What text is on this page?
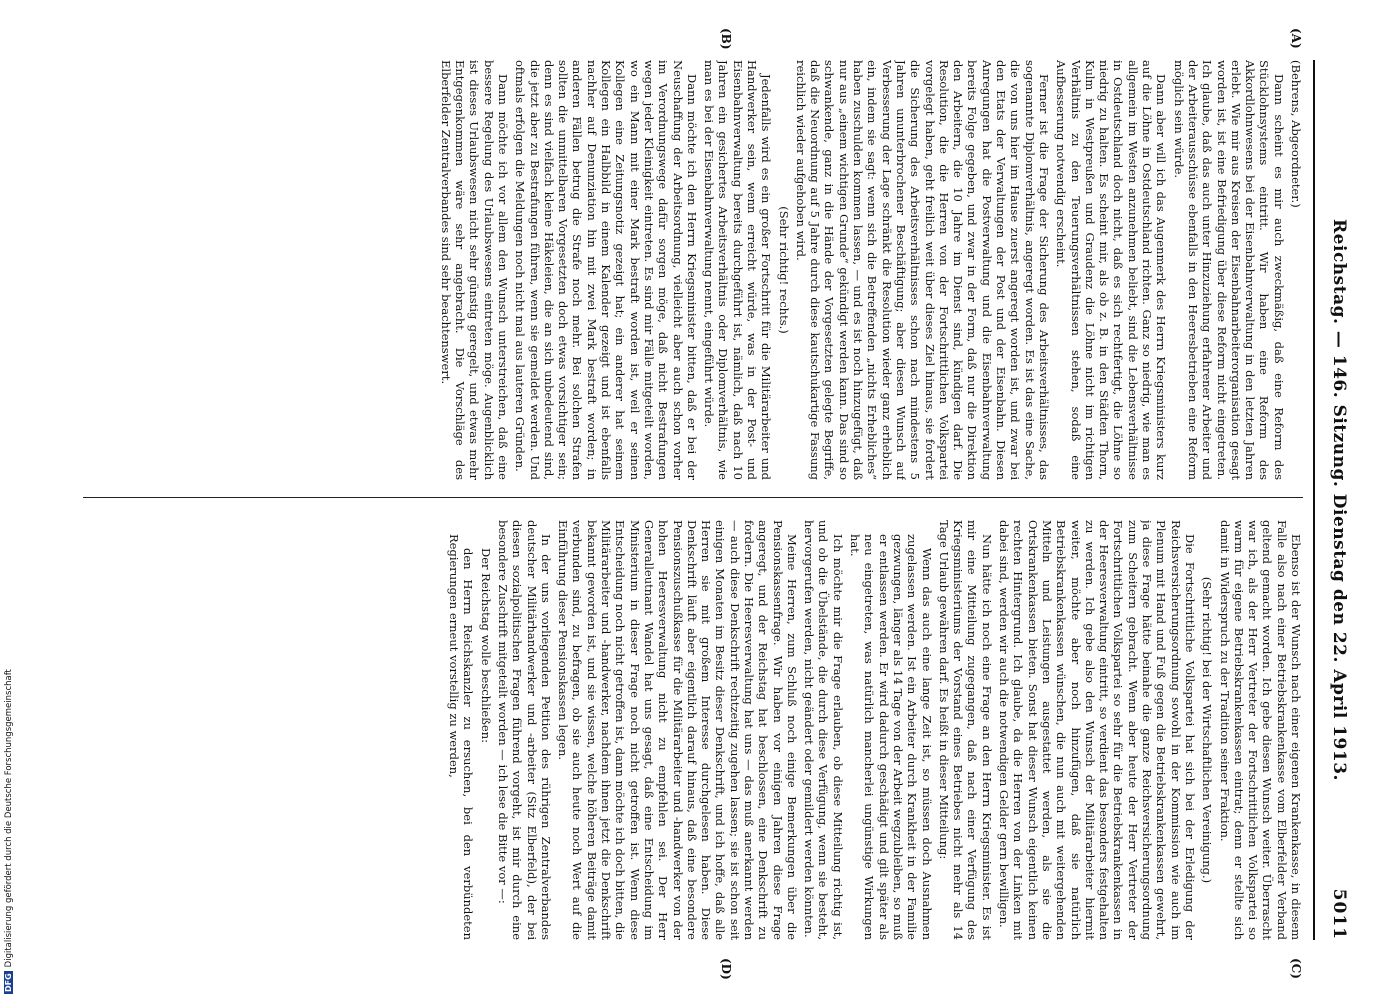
Reichstag. — 146. Sitzung. Dienstag den 22. April 1913.
5011
(A)
(B)
(C)
(D)

(Behrens, Abgeordneter.)

Dann scheint es mir auch zweckmäßig, daß eine Reform des Stücklohnsystems eintritt. Wir haben eine Reform des Akkordlohnwesens bei der Eisenbahnverwaltung in den letzten Jahren erlebt. Wie mir aus Kreisen der Eisenbahnarbeiterorganisation gesagt worden ist, ist eine Befriedigung über diese Reform nicht eingetreten. Ich glaube, daß das auch unter Hinzuziehung erfahrener Arbeiter und der Arbeiterausschüsse ebenfalls in den Heeresbetrieben eine Reform möglich sein würde.

Dann aber will ich das Augenmerk des Herrn Kriegsministers kurz auf die Löhne in Ostdeutschland richten. Ganz so niedrig, wie man es allgemein im Westen anzunehmen beliebt, sind die Lebensverhältnisse in Ostdeutschland doch nicht, daß es sich rechtfertigt, die Löhne so niedrig zu halten. Es scheint mir, als ob z. B. in den Städten Thorn, Kulm in Westpreußen und Graudenz die Löhne nicht im richtigen Verhältnis zu den Teuerungsverhältnissen stehen, sodaß eine Aufbesserung notwendig erscheint.

Ferner ist die Frage der Sicherung des Arbeitsverhältnisses, das sogenannte Diplomverhältnis, angeregt worden. Es ist das eine Sache, die von uns hier im Hause zuerst angeregt worden ist, und zwar bei den Etats der Verwaltungen der Post und der Eisenbahn. Diesen Anregungen hat die Postverwaltung und die Eisenbahnverwaltung bereits Folge gegeben, und zwar in der Form, daß nur die Direktion den Arbeitern, die 10 Jahre im Dienst sind, kündigen darf. Die Resolution, die die Herren von der Fortschrittlichen Volkspartei vorgelegt haben, geht freilich weit über dieses Ziel hinaus, sie fordert die Sicherung des Arbeitsverhältnisses schon nach mindestens 5 Jahren ununterbrochener Beschäftigung; aber diesen Wunsch auf Verbesserung der Lage schränkt die Resolution wieder ganz erheblich ein, indem sie sagt: wenn sich die Betreffenden „nichts Erhebliches“ haben zuschulden kommen lassen, — und es ist noch hinzugefügt, daß nur aus „einem wichtigen Grunde“ gekündigt werden kann. Das sind so schwankende, ganz in die Hände der Vorgesetzten gelegte Begriffe, daß die Neuordnung auf 5 Jahre durch diese kautschukartige Fassung reichlich wieder aufgehoben wird.

(Sehr richtig! rechts.)

Jedenfalls wird es ein großer Fortschritt für die Militärarbeiter und Handwerker sein, wenn erreicht würde, was in der Post- und Eisenbahnverwaltung bereits durchgeführt ist, nämlich, daß nach 10 Jahren ein gesichertes Arbeitsverhältnis oder Diplomverhältnis, wie man es bei der Eisenbahnverwaltung nennt, eingeführt würde.

Dann möchte ich den Herrn Kriegsminister bitten, daß er bei der Neuschaffung der Arbeitsordnung, vielleicht aber auch schon vorher im Verordnungswege dafür sorgen möge, daß nicht Bestrafungen wegen jeder Kleinigkeit eintreten. Es sind mir Fälle mitgeteilt worden, wo ein Mann mit einer Mark bestraft worden ist, weil er seinen Kollegen eine Zeitungsnotiz gezeigt hat; ein anderer hat seinem Kollegen ein Halbbild in einem Kalender gezeigt und ist ebenfalls nachher auf Denunziation hin mit zwei Mark bestraft worden; in anderen Fällen betrug die Strafe noch mehr. Bei solchen Strafen sollten die unmittelbaren Vorgesetzten doch etwas vorsichtiger sein; denn es sind vielfach kleine Häkeleien, die an sich unbedeutend sind, die jetzt aber zu Bestrafungen führen, wenn sie gemeldet werden. Und oftmals erfolgen die Meldungen noch nicht mal aus lauteren Gründen.

Dann möchte ich vor allem den Wunsch unterstreichen, daß eine bessere Regelung des Urlaubswesens eintreten möge. Augenblicklich ist dieses Urlaubswesen nicht sehr günstig geregelt, und etwas mehr Entgegenkommen wäre sehr angebracht. Die Vorschläge des Elberfelder Zentralverbandes sind sehr beachtenswert.

Ebenso ist der Wunsch nach einer eigenen Krankenkasse, in diesem Falle also nach einer Betriebskrankenkasse vom Elberfelder Verband geltend gemacht worden. Ich gebe diesen Wunsch weiter. Überrascht war ich, als der Herr Vertreter der Fortschrittlichen Volkspartei so warm für eigene Betriebskrankenkassen eintrat; denn er stellte sich damit in Widerspruch zu der Tradition seiner Fraktion.

(Sehr richtig! bei der Wirtschaftlichen Vereinigung.)

Die Fortschrittliche Volkspartei hat sich bei der Erledigung der Reichsversicherungsordnung sowohl in der Kommission wie auch im Plenum mit Hand und Fuß gegen die Betriebskrankenkassen gewehrt, ja diese Frage hätte beinahe die ganze Reichsversicherungsordnung zum Scheitern gebracht. Wenn aber heute der Herr Vertreter der Fortschrittlichen Volkspartei so sehr für die Betriebskrankenkassen in der Heeresverwaltung eintritt, so verdient das besonders festgehalten zu werden. Ich gebe also den Wunsch der Militärarbeiter hiermit weiter, möchte aber noch hinzufügen, daß sie natürlich Betriebskrankenkassen wünschen, die nun auch mit weitergehenden Mitteln und Leistungen ausgestattet werden, als sie die Ortskrankenkassen bieten. Sonst hat dieser Wunsch eigentlich keinen rechten Hintergrund. Ich glaube, da die Herren von der Linken mit dabei sind, werden wir auch die notwendigen Gelder gern bewilligen.

Nun hätte ich noch eine Frage an den Herrn Kriegsminister. Es ist mir eine Mitteilung zugegangen, daß nach einer Verfügung des Kriegsministeriums der Vorstand eines Betriebes nicht mehr als 14 Tage Urlaub gewähren darf. Es heißt in dieser Mitteilung:

Wenn das auch eine lange Zeit ist, so müssen doch Ausnahmen zugelassen werden. Ist ein Arbeiter durch Krankheit in der Familie gezwungen, länger als 14 Tage von der Arbeit wegzubleiben, so muß er entlassen werden. Er wird dadurch geschädigt und gilt später als neu eingetreten, was natürlich mancherlei ungünstige Wirkungen hat.

Ich möchte mir die Frage erlauben, ob diese Mitteilung richtig ist, und ob die Übelstände, die durch diese Verfügung, wenn sie besteht, hervorgerufen werden, nicht geändert oder gemildert werden könnten.

Meine Herren, zum Schluß noch einige Bemerkungen über die Pensionskassenfrage. Wir haben vor einigen Jahren diese Frage angeregt, und der Reichstag hat beschlossen, eine Denkschrift zu fordern. Die Heeresverwaltung hat uns — das muß anerkannt werden — auch diese Denkschrift rechtzeitig zugehen lassen; sie ist schon seit einigen Monaten im Besitz dieser Denkschrift, und ich hoffe, daß alle Herren sie mit großem Interesse durchgelesen haben. Diese Denkschrift läuft aber eigentlich darauf hinaus, daß eine besondere Pensionszuschußkasse für die Militärarbeiter und -handwerker von der hohen Heeresverwaltung nicht zu empfehlen sei. Der Herr Generalleutnant Wandel hat uns gesagt, daß eine Entscheidung im Ministerium in dieser Frage noch nicht getroffen ist. Wenn diese Entscheidung noch nicht getroffen ist, dann möchte ich doch bitten, die Militärarbeiter und -handwerker, nachdem ihnen jetzt die Denkschrift bekannt geworden ist, und sie wissen, welche höheren Beiträge damit verbunden sind, zu befragen, ob sie auch heute noch Wert auf die Einführung dieser Pensionskassen legen.

In der uns vorliegenden Petition des rührigen Zentralverbandes deutscher Militärhandwerker und -arbeiter (Sitz Elberfeld), der bei diesen sozialpolitischen Fragen führend vorgeht, ist mir durch eine besondere Zuschrift mitgeteilt worden — ich lese die Bitte vor —:

Der Reichstag wolle beschließen:

den Herrn Reichskanzler zu ersuchen, bei den verbündeten Regierungen erneut vorstellig zu werden,

DFGDigitalisierung gefördert durch die Deutsche Forschungsgemeinschaft
